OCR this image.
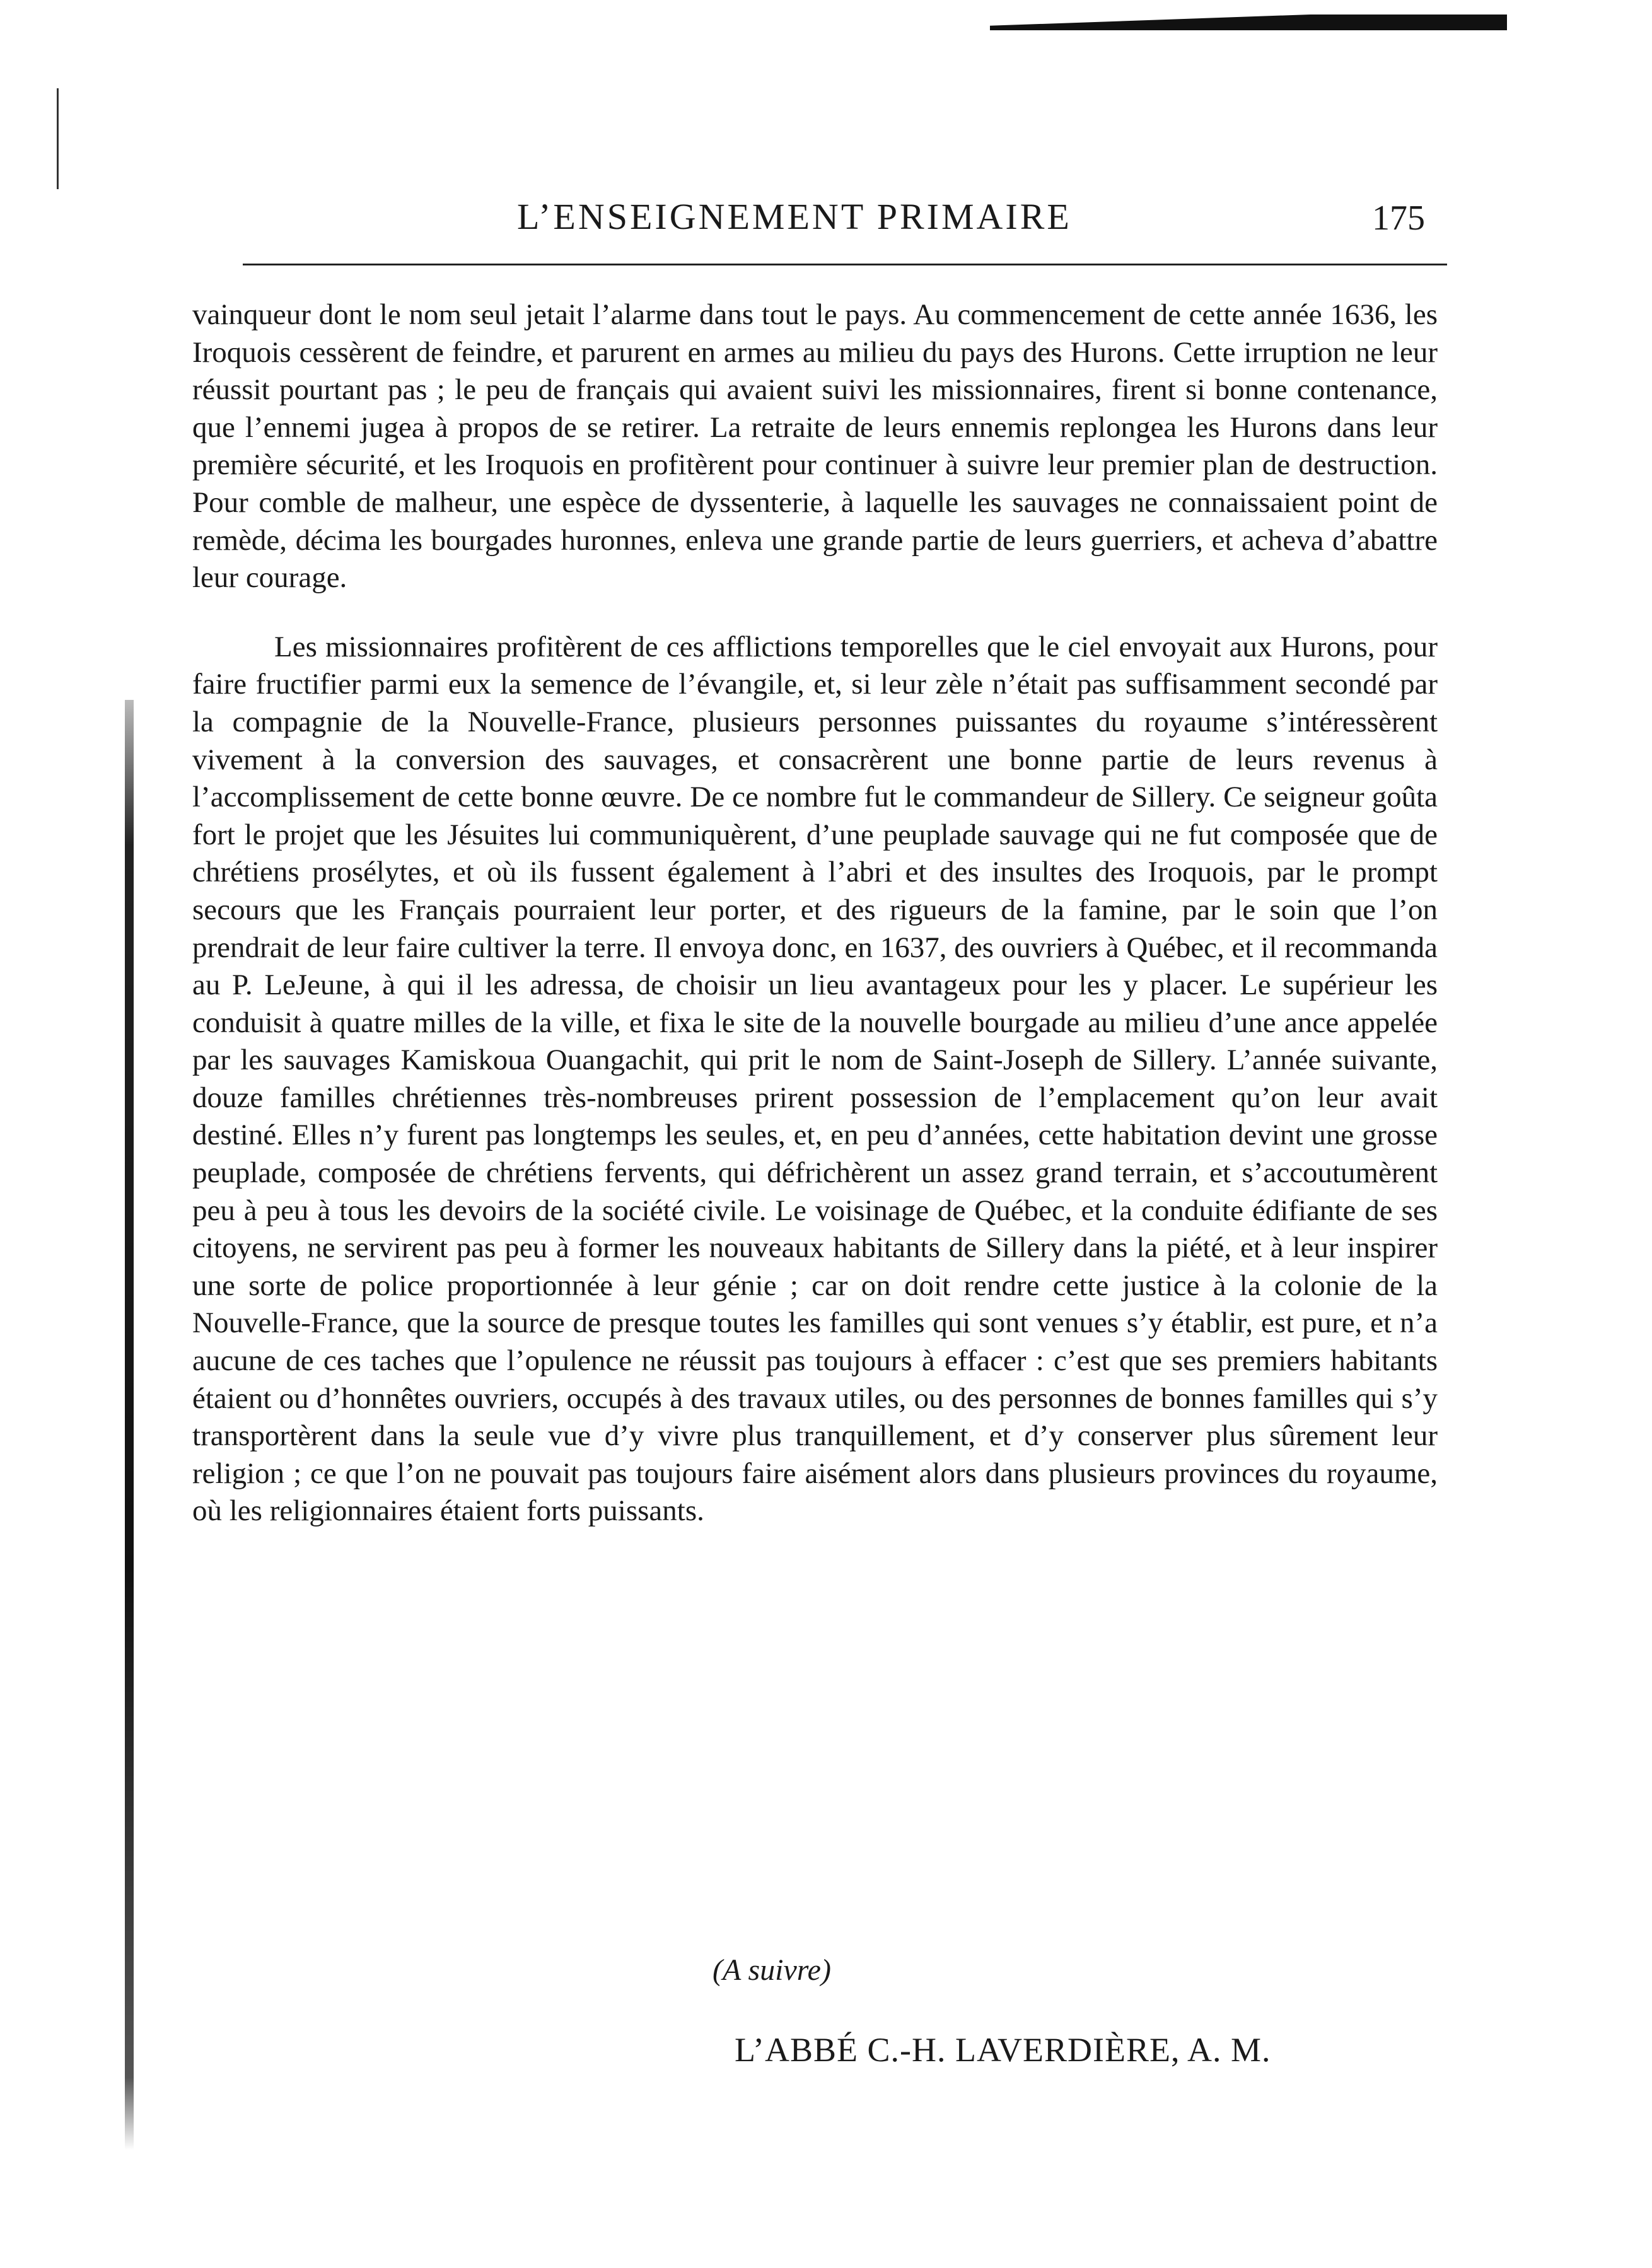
L’ENSEIGNEMENT PRIMAIRE	175

vainqueur dont le nom seul jetait l’alarme dans tout le pays. Au commencement de cette année 1636, les Iroquois cessèrent de feindre, et parurent en armes au milieu du pays des Hurons. Cette irruption ne leur réussit pourtant pas ; le peu de français qui avaient suivi les missionnaires, firent si bonne contenance, que l’ennemi jugea à propos de se retirer. La retraite de leurs ennemis replongea les Hurons dans leur première sécurité, et les Iroquois en profitèrent pour continuer à suivre leur premier plan de destruction. Pour comble de malheur, une espèce de dyssenterie, à laquelle les sauvages ne connaissaient point de remède, décima les bourgades huronnes, enleva une grande partie de leurs guerriers, et acheva d’abattre leur courage.

Les missionnaires profitèrent de ces afflictions temporelles que le ciel envoyait aux Hurons, pour faire fructifier parmi eux la semence de l’évangile, et, si leur zèle n’était pas suffisamment secondé par la compagnie de la Nouvelle-France, plusieurs personnes puissantes du royaume s’intéressèrent vivement à la conversion des sauvages, et consacrèrent une bonne partie de leurs revenus à l’accomplissement de cette bonne œuvre. De ce nombre fut le commandeur de Sillery. Ce seigneur goûta fort le projet que les Jésuites lui communiquèrent, d’une peuplade sauvage qui ne fut composée que de chrétiens prosélytes, et où ils fussent également à l’abri et des insultes des Iroquois, par le prompt secours que les Français pourraient leur porter, et des rigueurs de la famine, par le soin que l’on prendrait de leur faire cultiver la terre. Il envoya donc, en 1637, des ouvriers à Québec, et il recommanda au P. LeJeune, à qui il les adressa, de choisir un lieu avantageux pour les y placer. Le supérieur les conduisit à quatre milles de la ville, et fixa le site de la nouvelle bourgade au milieu d’une ance appelée par les sauvages Kamiskoua Ouangachit, qui prit le nom de Saint-Joseph de Sillery. L’année suivante, douze familles chrétiennes très-nombreuses prirent possession de l’emplacement qu’on leur avait destiné. Elles n’y furent pas longtemps les seules, et, en peu d’années, cette habitation devint une grosse peuplade, composée de chrétiens fervents, qui défrichèrent un assez grand terrain, et s’accoutumèrent peu à peu à tous les devoirs de la société civile. Le voisinage de Québec, et la conduite édifiante de ses citoyens, ne servirent pas peu à former les nouveaux habitants de Sillery dans la piété, et à leur inspirer une sorte de police proportionnée à leur génie ; car on doit rendre cette justice à la colonie de la Nouvelle-France, que la source de presque toutes les familles qui sont venues s’y établir, est pure, et n’a aucune de ces taches que l’opulence ne réussit pas toujours à effacer : c’est que ses premiers habitants étaient ou d’honnêtes ouvriers, occupés à des travaux utiles, ou des personnes de bonnes familles qui s’y transportèrent dans la seule vue d’y vivre plus tranquillement, et d’y conserver plus sûrement leur religion ; ce que l’on ne pouvait pas toujours faire aisément alors dans plusieurs provinces du royaume, où les religionnaires étaient forts puissants.

(A suivre)
L’ABBÉ C.-H. LAVERDIÈRE, A. M.
